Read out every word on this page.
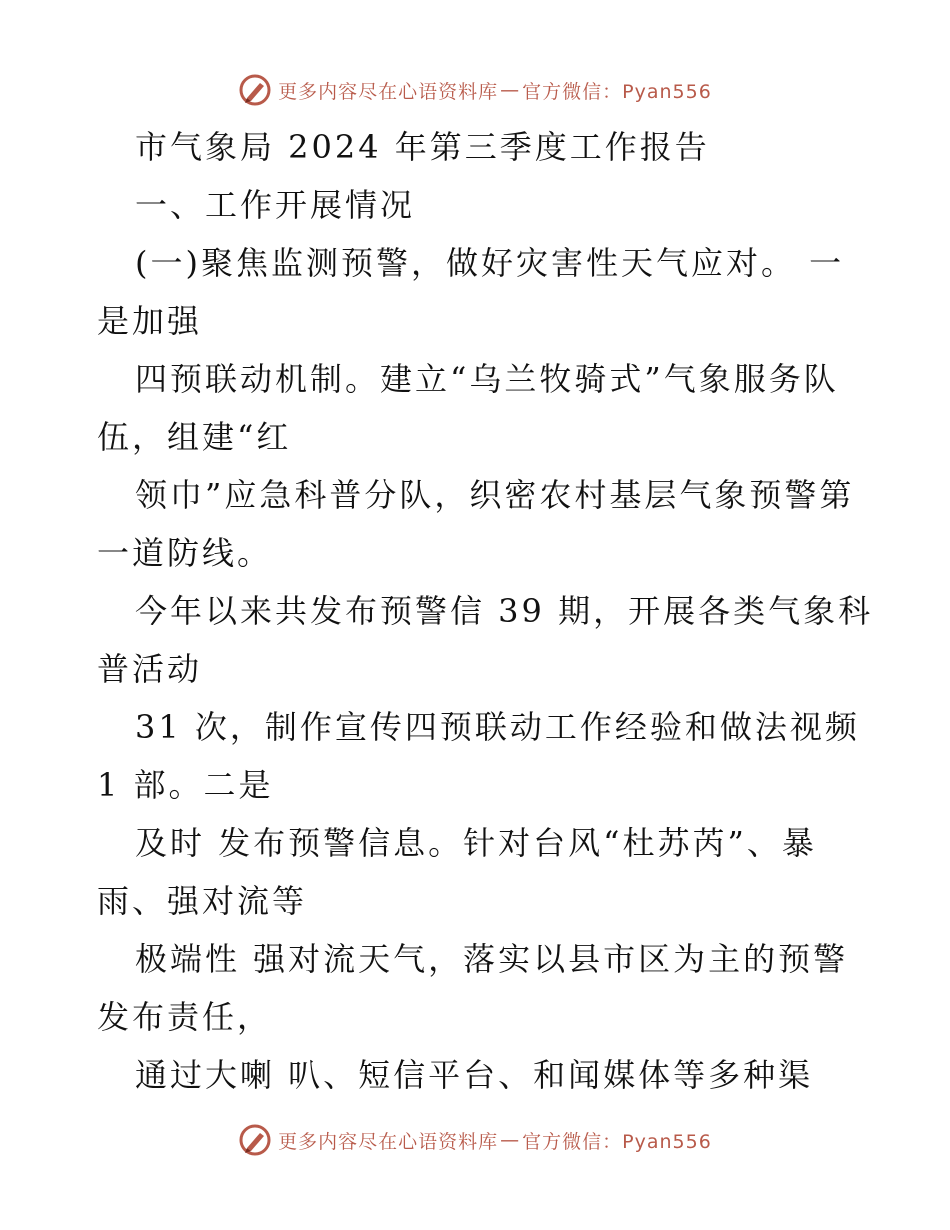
更多内容尽在心语资料库 — 官方微信：Pyan556

市气象局 2024 年第三季度工作报告

一、工作开展情况

(一)聚焦监测预警，做好灾害性天气应对。 一

是加强

四预联动机制。建立“乌兰牧骑式”气象服务队

伍，组建“红

领巾”应急科普分队，织密农村基层气象预警第

一道防线。

今年以来共发布预警信 39 期，开展各类气象科

普活动

31 次，制作宣传四预联动工作经验和做法视频

1 部。二是

及时 发布预警信息。针对台风“杜苏芮”、暴

雨、强对流等

极端性 强对流天气，落实以县市区为主的预警

发布责任，

通过大喇 叭、短信平台、和闻媒体等多种渠

更多内容尽在心语资料库 — 官方微信：Pyan556
